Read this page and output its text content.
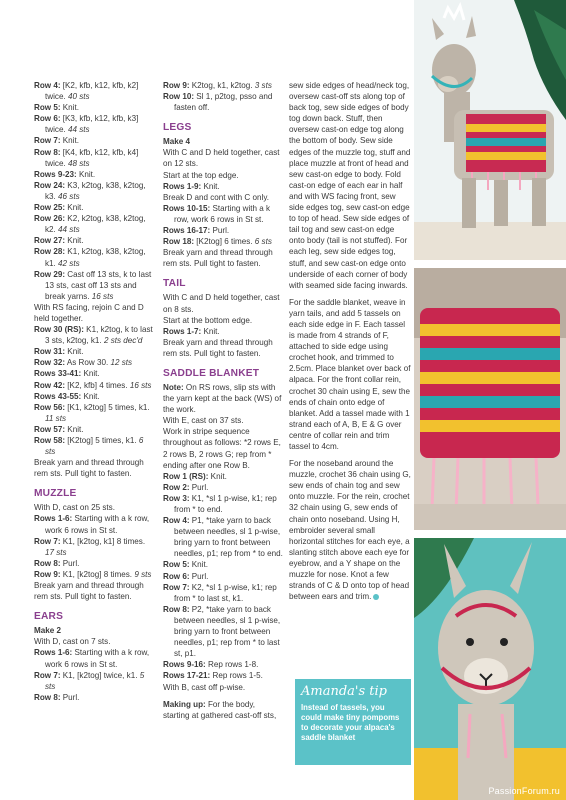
Row 4: [K2, kfb, k12, kfb, k2] twice. 40 sts

Row 5: Knit.

Row 6: [K3, kfb, k12, kfb, k3] twice. 44 sts

Row 7: Knit.

Row 8: [K4, kfb, k12, kfb, k4] twice. 48 sts

Rows 9-23: Knit.

Row 24: K3, k2tog, k38, k2tog, k3. 46 sts

Row 25: Knit.

Row 26: K2, k2tog, k38, k2tog, k2. 44 sts

Row 27: Knit.

Row 28: K1, k2tog, k38, k2tog, k1. 42 sts

Row 29: Cast off 13 sts, k to last 13 sts, cast off 13 sts and break yarns. 16 sts

With RS facing, rejoin C and D held together.

Row 30 (RS): K1, k2tog, k to last 3 sts, k2tog, k1. 2 sts dec'd

Row 31: Knit.

Row 32: As Row 30. 12 sts

Rows 33-41: Knit.

Row 42: [K2, kfb] 4 times. 16 sts

Rows 43-55: Knit.

Row 56: [K1, k2tog] 5 times, k1. 11 sts

Row 57: Knit.

Row 58: [K2tog] 5 times, k1. 6 sts

Break yarn and thread through rem sts. Pull tight to fasten.

MUZZLE

With D, cast on 25 sts.

Rows 1-6: Starting with a k row, work 6 rows in St st.

Row 7: K1, [k2tog, k1] 8 times. 17 sts

Row 8: Purl.

Row 9: K1, [k2tog] 8 times. 9 sts

Break yarn and thread through rem sts. Pull tight to fasten.

EARS

Make 2

With D, cast on 7 sts.

Rows 1-6: Starting with a k row, work 6 rows in St st.

Row 7: K1, [k2tog] twice, k1. 5 sts

Row 8: Purl.

Row 9: K2tog, k1, k2tog. 3 sts

Row 10: Sl 1, p2tog, psso and fasten off.

LEGS

Make 4

With C and D held together, cast on 12 sts.

Start at the top edge.

Rows 1-9: Knit.

Break D and cont with C only.

Rows 10-15: Starting with a k row, work 6 rows in St st.

Rows 16-17: Purl.

Row 18: [K2tog] 6 times. 6 sts

Break yarn and thread through rem sts. Pull tight to fasten.

TAIL

With C and D held together, cast on 8 sts.

Start at the bottom edge.

Rows 1-7: Knit.

Break yarn and thread through rem sts. Pull tight to fasten.

SADDLE BLANKET

Note: On RS rows, slip sts with the yarn kept at the back (WS) of the work.

With E, cast on 37 sts.

Work in stripe sequence throughout as follows: *2 rows E, 2 rows B, 2 rows G; rep from * ending after one Row B.

Row 1 (RS): Knit.

Row 2: Purl.

Row 3: K1, *sl 1 p-wise, k1; rep from * to end.

Row 4: P1, *take yarn to back between needles, sl 1 p-wise, bring yarn to front between needles, p1; rep from * to end.

Row 5: Knit.

Row 6: Purl.

Row 7: K2, *sl 1 p-wise, k1; rep from * to last st, k1.

Row 8: P2, *take yarn to back between needles, sl 1 p-wise, bring yarn to front between needles, p1; rep from * to last st, p1.

Rows 9-16: Rep rows 1-8.

Rows 17-21: Rep rows 1-5.

With B, cast off p-wise.

Making up: For the body, starting at gathered cast-off sts,

sew side edges of head/neck tog, oversew cast-off sts along top of back tog, sew side edges of body tog down back. Stuff, then oversew cast-on edge tog along the bottom of body. Sew side edges of the muzzle tog, stuff and place muzzle at front of head and sew cast-on edge to body. Fold cast-on edge of each ear in half and with WS facing front, sew side edges tog, sew cast-on edge to top of head. Sew side edges of tail tog and sew cast-on edge onto body (tail is not stuffed). For each leg, sew side edges tog, stuff, and sew cast-on edge onto underside of each corner of body with seamed side facing inwards.

For the saddle blanket, weave in yarn tails, and add 5 tassels on each side edge in F. Each tassel is made from 4 strands of F, attached to side edge using crochet hook, and trimmed to 2.5cm. Place blanket over back of alpaca. For the front collar rein, crochet 30 chain using E, sew the ends of chain onto edge of blanket. Add a tassel made with 1 strand each of A, B, E & G over centre of collar rein and trim tassel to 4cm.

For the noseband around the muzzle, crochet 36 chain using G, sew ends of chain tog and sew onto muzzle. For the rein, crochet 32 chain using G, sew ends of chain onto noseband. Using H, embroider several small horizontal stitches for each eye, a slanting stitch above each eye for eyebrow, and a Y shape on the muzzle for nose. Knot a few strands of C & D onto top of head between ears and trim.

Amanda's tip
Instead of tassels, you could make tiny pompoms to decorate your alpaca's saddle blanket
PassionForum.ru
